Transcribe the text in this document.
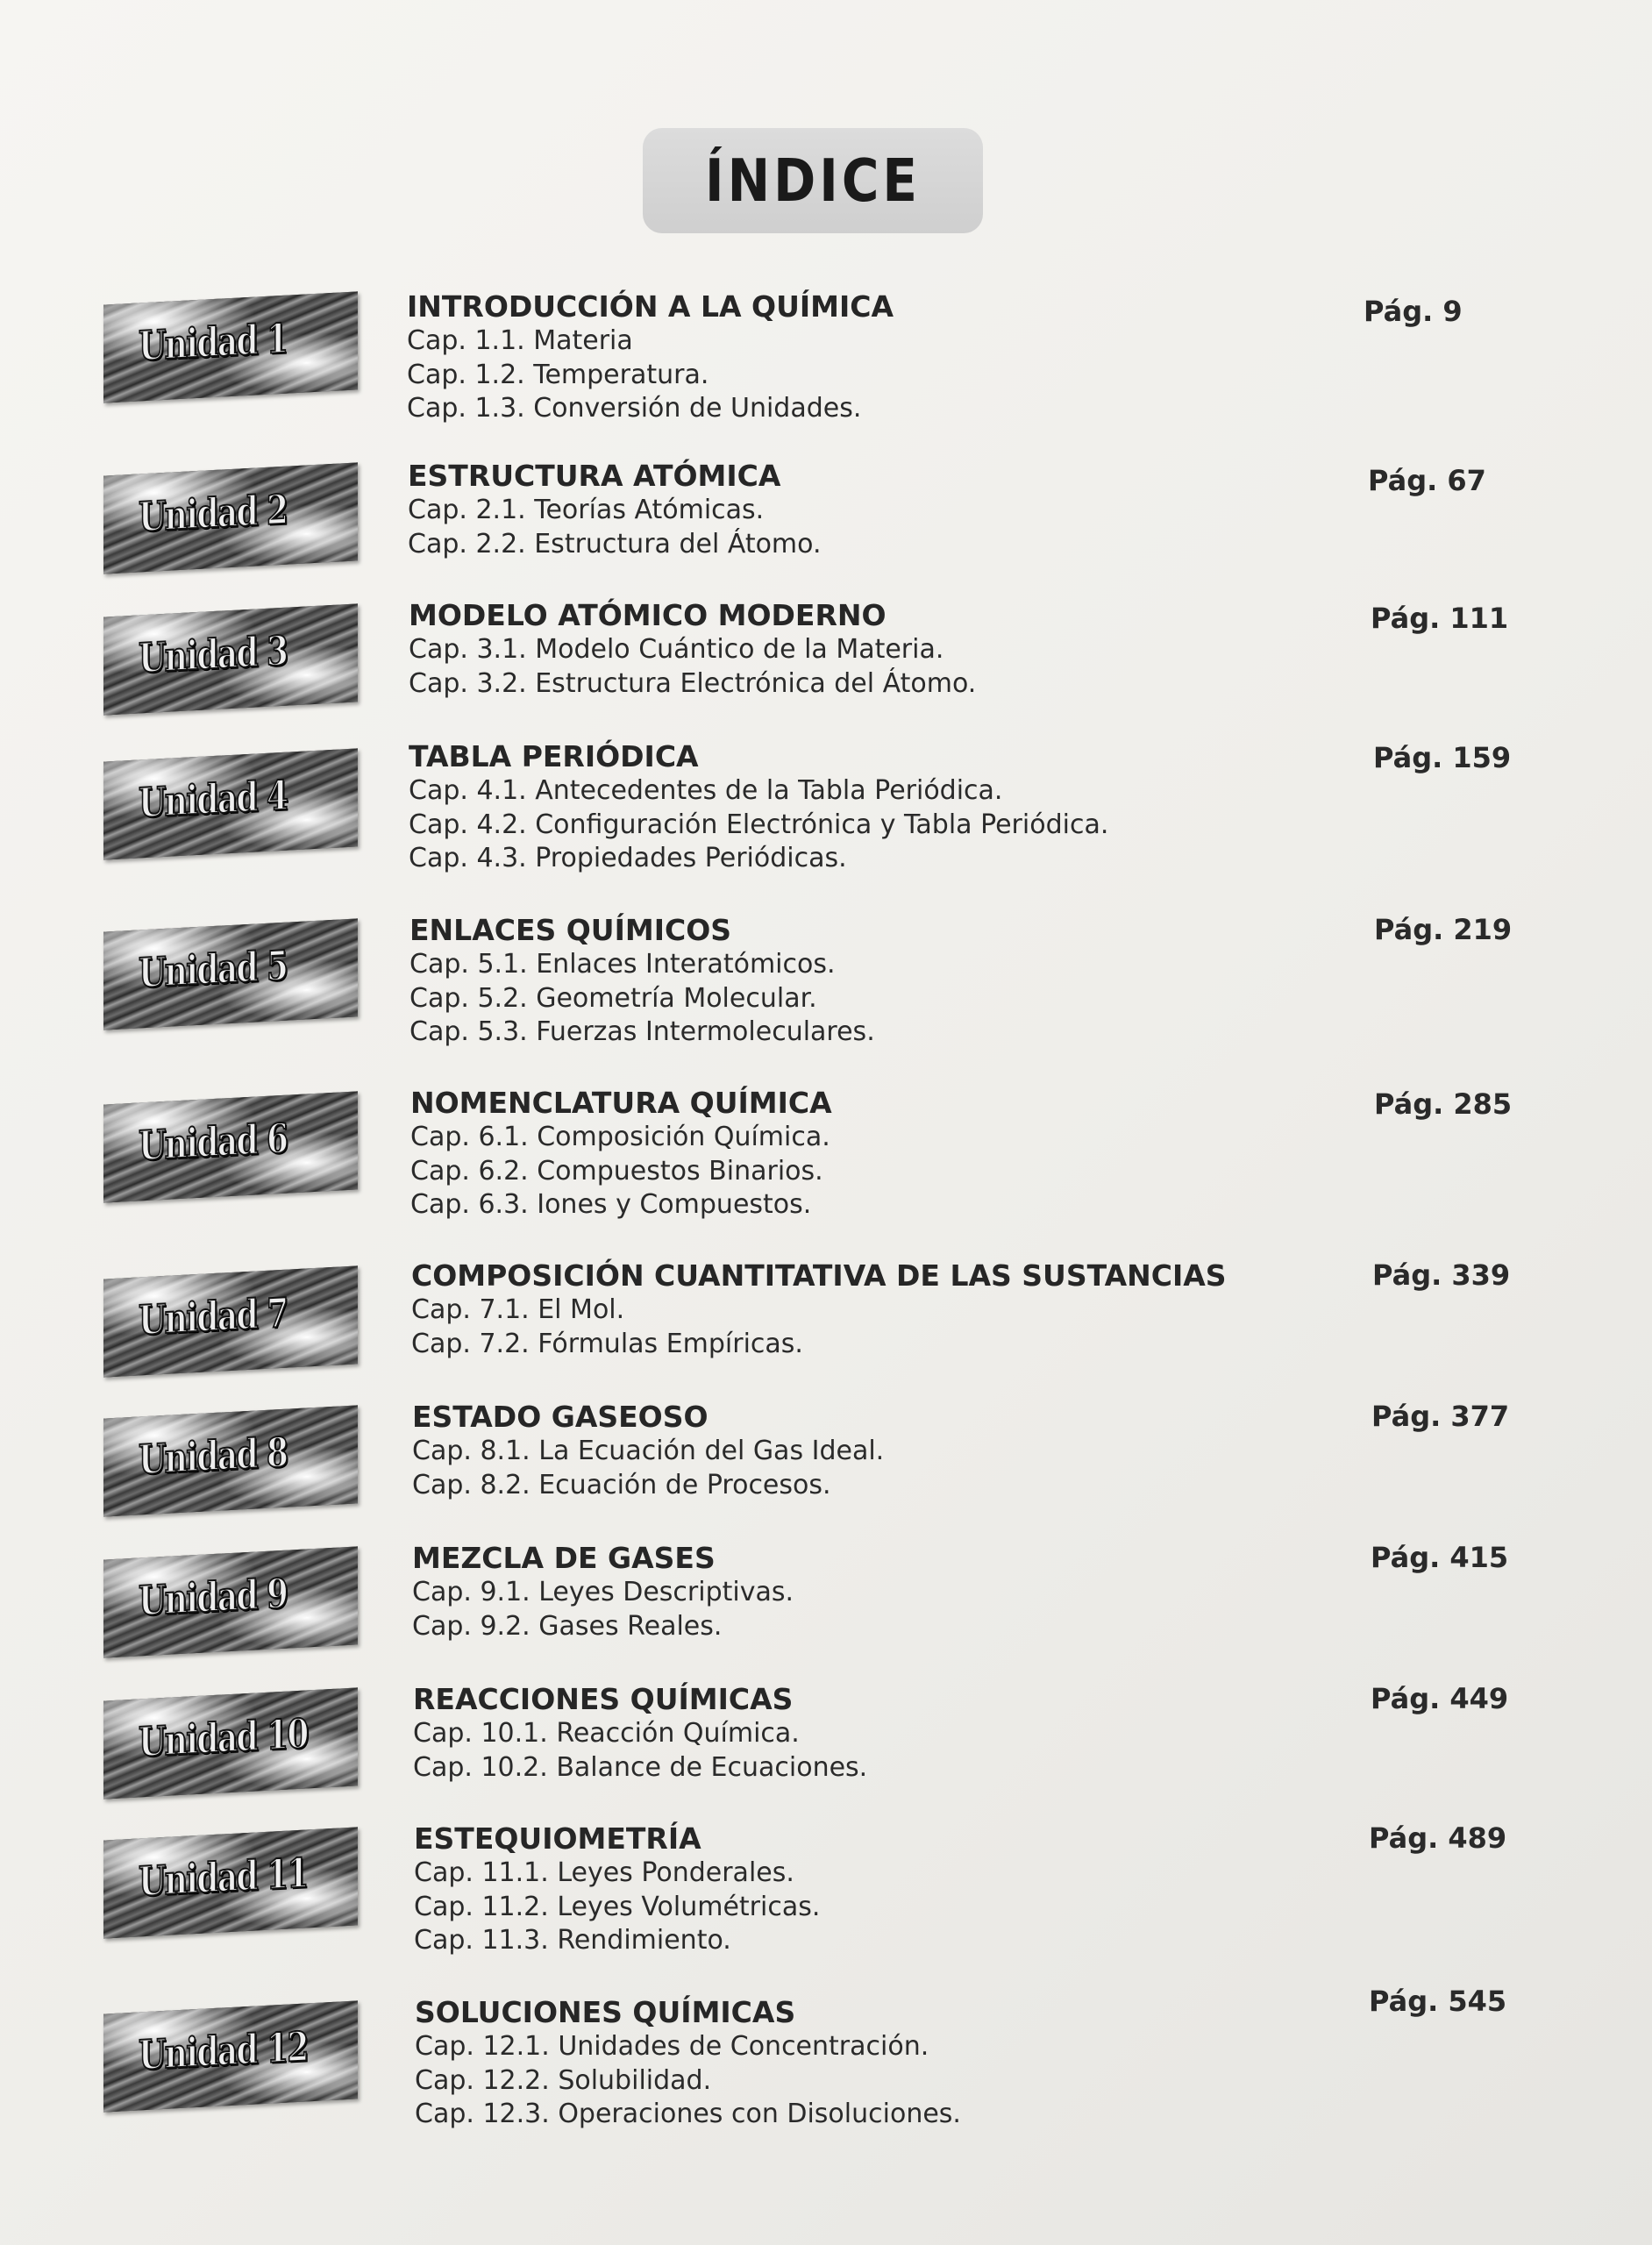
ÍNDICE
Unidad 1
INTRODUCCIÓN A LA QUÍMICA
Cap. 1.1. Materia
Cap. 1.2. Temperatura.
Cap. 1.3. Conversión de Unidades.
Pág. 9
Unidad 2
ESTRUCTURA ATÓMICA
Cap. 2.1. Teorías Atómicas.
Cap. 2.2. Estructura del Átomo.
Pág. 67
Unidad 3
MODELO ATÓMICO MODERNO
Cap. 3.1. Modelo Cuántico de la Materia.
Cap. 3.2. Estructura Electrónica del Átomo.
Pág. 111
Unidad 4
TABLA PERIÓDICA
Cap. 4.1. Antecedentes de la Tabla Periódica.
Cap. 4.2. Configuración Electrónica y Tabla Periódica.
Cap. 4.3. Propiedades Periódicas.
Pág. 159
Unidad 5
ENLACES QUÍMICOS
Cap. 5.1. Enlaces Interatómicos.
Cap. 5.2. Geometría Molecular.
Cap. 5.3. Fuerzas Intermoleculares.
Pág. 219
Unidad 6
NOMENCLATURA QUÍMICA
Cap. 6.1. Composición Química.
Cap. 6.2. Compuestos Binarios.
Cap. 6.3. Iones y Compuestos.
Pág. 285
Unidad 7
COMPOSICIÓN CUANTITATIVA DE LAS SUSTANCIAS
Cap. 7.1. El Mol.
Cap. 7.2. Fórmulas Empíricas.
Pág. 339
Unidad 8
ESTADO GASEOSO
Cap. 8.1. La Ecuación del Gas Ideal.
Cap. 8.2. Ecuación de Procesos.
Pág. 377
Unidad 9
MEZCLA DE GASES
Cap. 9.1. Leyes Descriptivas.
Cap. 9.2. Gases Reales.
Pág. 415
Unidad 10
REACCIONES QUÍMICAS
Cap. 10.1. Reacción Química.
Cap. 10.2. Balance de Ecuaciones.
Pág. 449
Unidad 11
ESTEQUIOMETRÍA
Cap. 11.1. Leyes Ponderales.
Cap. 11.2. Leyes Volumétricas.
Cap. 11.3. Rendimiento.
Pág. 489
Unidad 12
SOLUCIONES QUÍMICAS
Cap. 12.1. Unidades de Concentración.
Cap. 12.2. Solubilidad.
Cap. 12.3. Operaciones con Disoluciones.
Pág. 545
